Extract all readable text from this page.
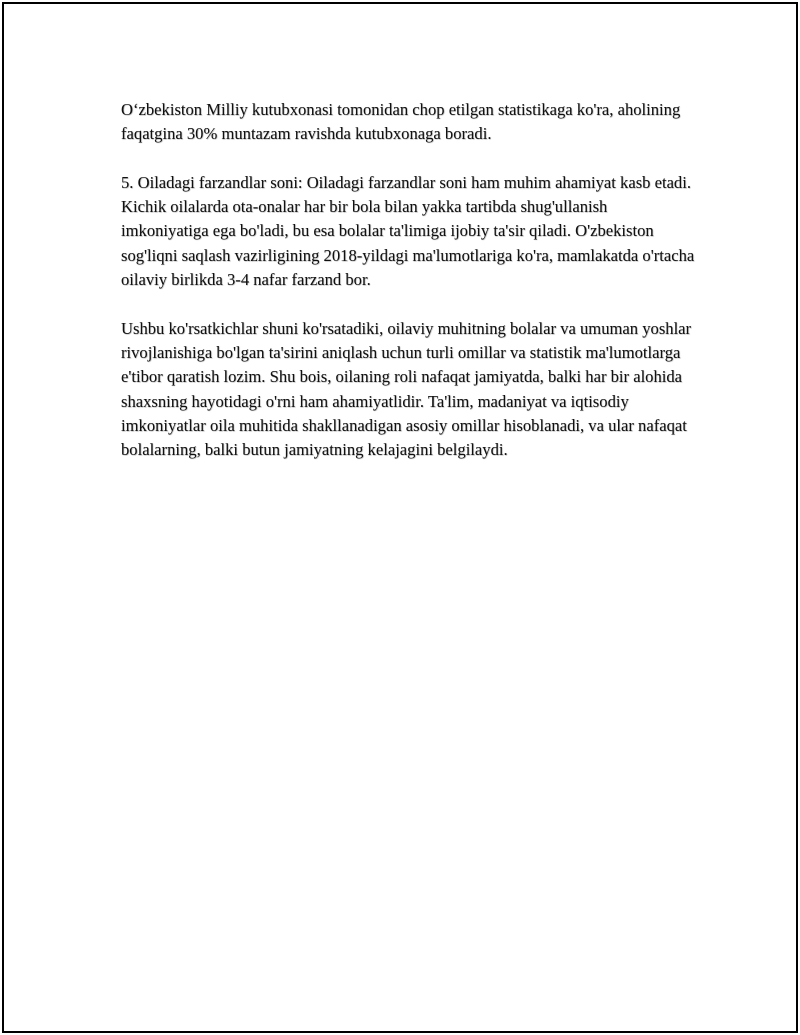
O‘zbekiston Milliy kutubxonasi tomonidan chop etilgan statistikaga ko'ra, aholining faqatgina 30% muntazam ravishda kutubxonaga boradi.

5. Oiladagi farzandlar soni: Oiladagi farzandlar soni ham muhim ahamiyat kasb etadi. Kichik oilalarda ota-onalar har bir bola bilan yakka tartibda shug'ullanish imkoniyatiga ega bo'ladi, bu esa bolalar ta'limiga ijobiy ta'sir qiladi. O'zbekiston sog'liqni saqlash vazirligining 2018-yildagi ma'lumotlariga ko'ra, mamlakatda o'rtacha oilaviy birlikda 3-4 nafar farzand bor.

Ushbu ko'rsatkichlar shuni ko'rsatadiki, oilaviy muhitning bolalar va umuman yoshlar rivojlanishiga bo'lgan ta'sirini aniqlash uchun turli omillar va statistik ma'lumotlarga e'tibor qaratish lozim. Shu bois, oilaning roli nafaqat jamiyatda, balki har bir alohida shaxsning hayotidagi o'rni ham ahamiyatlidir. Ta'lim, madaniyat va iqtisodiy imkoniyatlar oila muhitida shakllanadigan asosiy omillar hisoblanadi, va ular nafaqat bolalarning, balki butun jamiyatning kelajagini belgilaydi.
